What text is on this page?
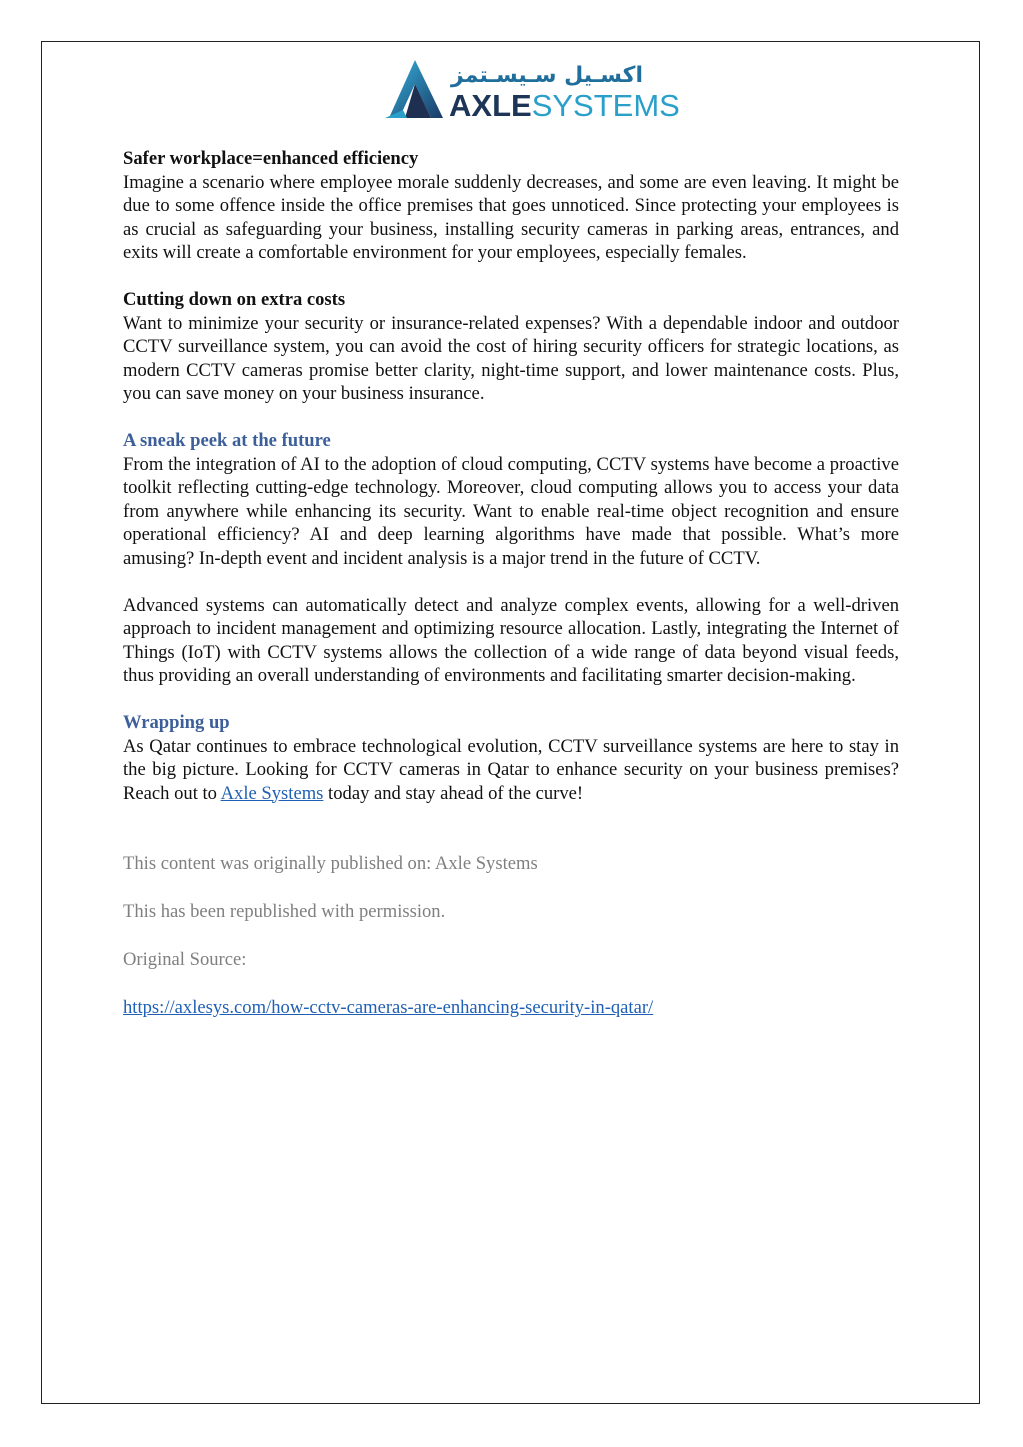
اكسـيل سـيسـتمز
AXLESYSTEMS

Safer workplace=enhanced efficiency

Imagine a scenario where employee morale suddenly decreases, and some are even leaving. It might be due to some offence inside the office premises that goes unnoticed. Since protecting your employees is as crucial as safeguarding your business, installing security cameras in parking areas, entrances, and exits will create a comfortable environment for your employees, especially females.

Cutting down on extra costs

Want to minimize your security or insurance-related expenses? With a dependable indoor and outdoor CCTV surveillance system, you can avoid the cost of hiring security officers for strategic locations, as modern CCTV cameras promise better clarity, night-time support, and lower maintenance costs. Plus, you can save money on your business insurance.

A sneak peek at the future

From the integration of AI to the adoption of cloud computing, CCTV systems have become a proactive toolkit reflecting cutting-edge technology. Moreover, cloud computing allows you to access your data from anywhere while enhancing its security. Want to enable real-time object recognition and ensure operational efficiency? AI and deep learning algorithms have made that possible. What’s more amusing? In-depth event and incident analysis is a major trend in the future of CCTV.

Advanced systems can automatically detect and analyze complex events, allowing for a well-driven approach to incident management and optimizing resource allocation. Lastly, integrating the Internet of Things (IoT) with CCTV systems allows the collection of a wide range of data beyond visual feeds, thus providing an overall understanding of environments and facilitating smarter decision-making.

Wrapping up

As Qatar continues to embrace technological evolution, CCTV surveillance systems are here to stay in the big picture. Looking for CCTV cameras in Qatar to enhance security on your business premises? Reach out to Axle Systems today and stay ahead of the curve!

This content was originally published on: Axle Systems

This has been republished with permission.

Original Source:

https://axlesys.com/how-cctv-cameras-are-enhancing-security-in-qatar/
